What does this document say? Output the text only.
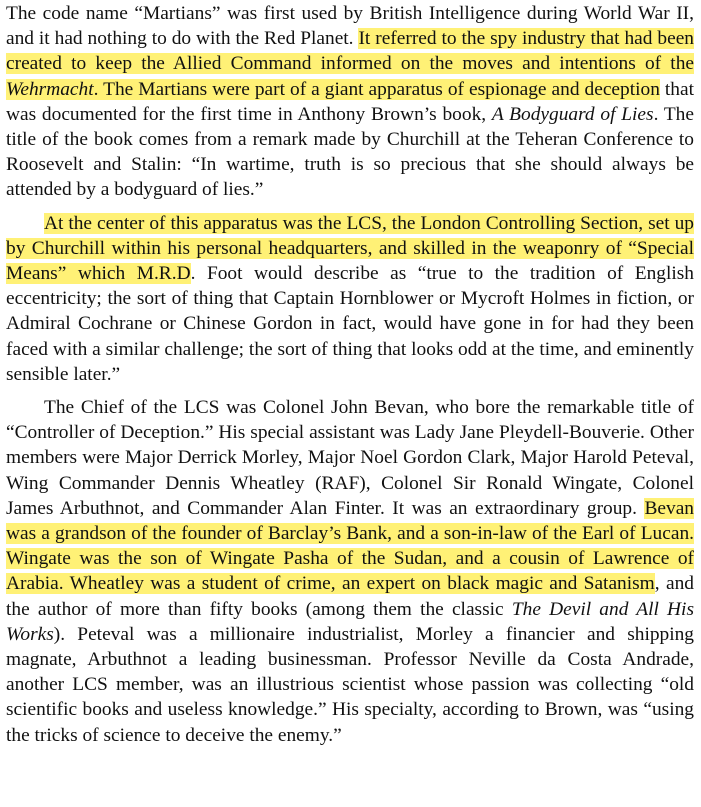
The code name “Martians” was first used by British Intelligence during World War II, and it had nothing to do with the Red Planet. It referred to the spy industry that had been created to keep the Allied Command informed on the moves and intentions of the Wehrmacht. The Martians were part of a giant apparatus of espionage and deception that was documented for the first time in Anthony Brown’s book, A Bodyguard of Lies. The title of the book comes from a remark made by Churchill at the Teheran Conference to Roosevelt and Stalin: “In wartime, truth is so precious that she should always be attended by a bodyguard of lies.”

At the center of this apparatus was the LCS, the London Controlling Section, set up by Churchill within his personal headquarters, and skilled in the weaponry of “Special Means” which M.R.D. Foot would describe as “true to the tradition of English eccentricity; the sort of thing that Captain Hornblower or Mycroft Holmes in fiction, or Admiral Cochrane or Chinese Gordon in fact, would have gone in for had they been faced with a similar challenge; the sort of thing that looks odd at the time, and eminently sensible later.”

The Chief of the LCS was Colonel John Bevan, who bore the remarkable title of “Controller of Deception.” His special assistant was Lady Jane Pleydell-Bouverie. Other members were Major Derrick Morley, Major Noel Gordon Clark, Major Harold Peteval, Wing Commander Dennis Wheatley (RAF), Colonel Sir Ronald Wingate, Colonel James Arbuthnot, and Commander Alan Finter. It was an extraordinary group. Bevan was a grandson of the founder of Barclay’s Bank, and a son-in-law of the Earl of Lucan. Wingate was the son of Wingate Pasha of the Sudan, and a cousin of Lawrence of Arabia. Wheatley was a student of crime, an expert on black magic and Satanism, and the author of more than fifty books (among them the classic The Devil and All His Works). Peteval was a millionaire industrialist, Morley a financier and shipping magnate, Arbuthnot a leading businessman. Professor Neville da Costa Andrade, another LCS member, was an illustrious scientist whose passion was collecting “old scientific books and useless knowledge.” His specialty, according to Brown, was “using the tricks of science to deceive the enemy.”
